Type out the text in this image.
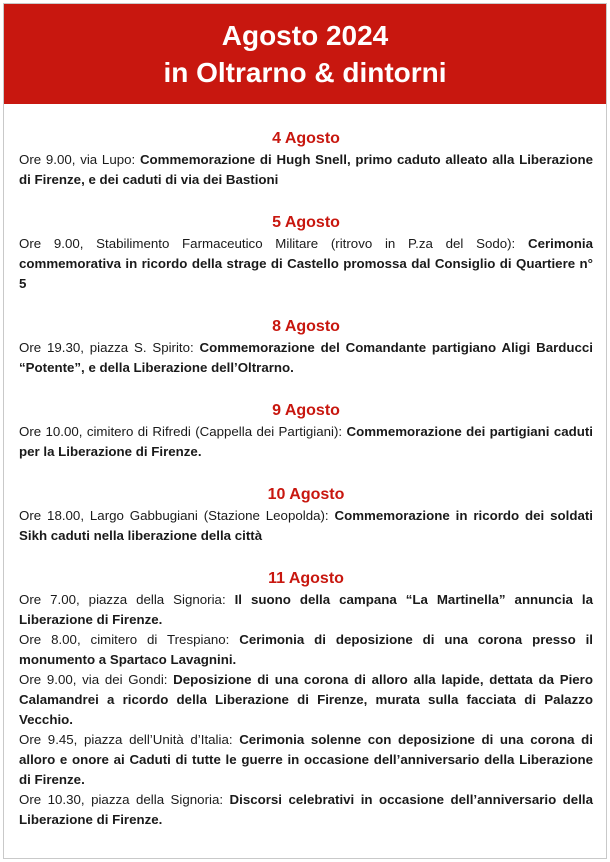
Agosto 2024
in Oltrarno & dintorni
4 Agosto
Ore 9.00, via Lupo: Commemorazione di Hugh Snell, primo caduto alleato alla Liberazione di Firenze, e dei caduti di via dei Bastioni
5 Agosto
Ore 9.00, Stabilimento Farmaceutico Militare (ritrovo in P.za del Sodo): Cerimonia commemorativa in ricordo della strage di Castello promossa dal Consiglio di Quartiere n° 5
8 Agosto
Ore 19.30, piazza S. Spirito: Commemorazione del Comandante partigiano Aligi Barducci “Potente”, e della Liberazione dell’Oltrarno.
9 Agosto
Ore 10.00, cimitero di Rifredi (Cappella dei Partigiani): Commemorazione dei partigiani caduti per la Liberazione di Firenze.
10 Agosto
Ore 18.00, Largo Gabbugiani (Stazione Leopolda): Commemorazione in ricordo dei soldati Sikh caduti nella liberazione della città
11 Agosto
Ore 7.00, piazza della Signoria: Il suono della campana “La Martinella” annuncia la Liberazione di Firenze.
Ore 8.00, cimitero di Trespiano: Cerimonia di deposizione di una corona presso il monumento a Spartaco Lavagnini.
Ore 9.00, via dei Gondi: Deposizione di una corona di alloro alla lapide, dettata da Piero Calamandrei a ricordo della Liberazione di Firenze, murata sulla facciata di Palazzo Vecchio.
Ore 9.45, piazza dell’Unità d’Italia: Cerimonia solenne con deposizione di una corona di alloro e onore ai Caduti di tutte le guerre in occasione dell’anniversario della Liberazione di Firenze.
Ore 10.30, piazza della Signoria: Discorsi celebrativi in occasione dell’anniversario della Liberazione di Firenze.
